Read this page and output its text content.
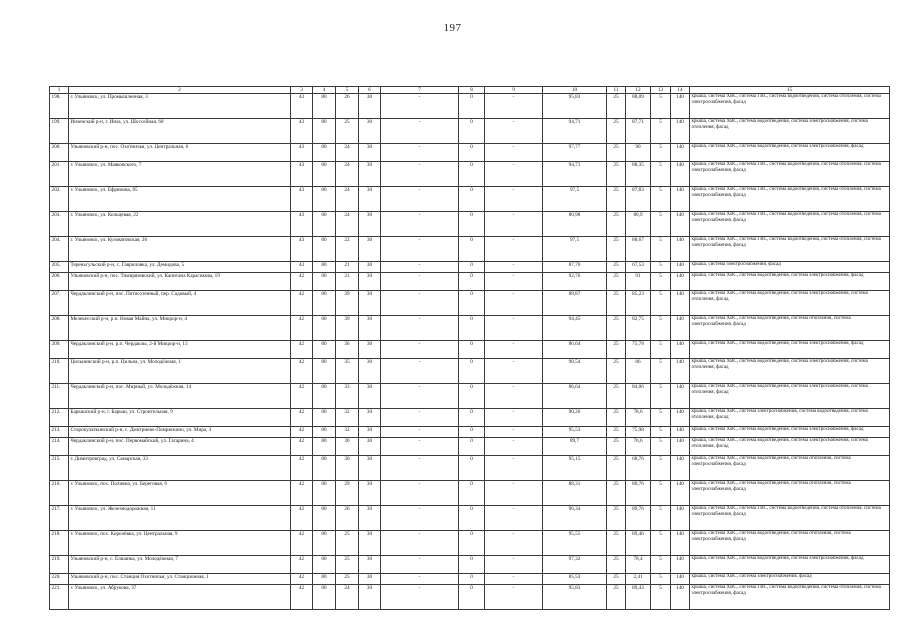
197
1	2	3	4	5	6	7	8	9	10	11	12	13	14	15
198.	г. Ульяновск, ул. Промышленная, 3	43	80	26	30	-	0	-	95,83	25	88,09	5	140	крыша, система ХВС, система ГВС, система водоотведения, система отопления, система электроснабжения, фасад
199.	Инзенский р-н, г. Инза, ул. Шоссейная, 68	43	80	25	30	-	0	-	94,71	25	87,71	5	140	крыша, система ХВС, система водоотведения, система электроснабжения, система отопления, фасад
200.	Ульяновский р-н, пос. Охотничья, ул. Центральная, 6	43	80	24	30	-	0	-	97,77	25	90	5	140	крыша, система ХВС, система водоотведения, система электроснабжения, фасад
201.	г. Ульяновск, ул. Маяковского, 7	43	80	24	30	-	0	-	94,71	25	88,35	5	140	крыша, система ХВС, система ГВС, система водоотведения, система отопления, система электроснабжения, фасад
202.	г. Ульяновск, ул. Ефремова, 85	43	80	24	30	-	0	-	97,5	25	87,83	5	140	крыша, система ХВС, система ГВС, система водоотведения, система отопления, система электроснабжения, фасад
203.	г. Ульяновск, ул. Кольцевая, 22	43	80	24	30	-	0	-	80,98	25	80,9	5	140	крыша, система ХВС, система ГВС, система водоотведения, система отопления, система электроснабжения, фасад
204.	г. Ульяновск, ул. Кузоватовская, 26	43	80	22	30	-	0	-	97,5	25	88,67	5	140	крыша, система ХВС, система ГВС, система водоотведения, система отопления, система электроснабжения, фасад
205.	Тереньгульский р-н, с. Гавриловка, ул. Демидова, 5	43	80	21	30	-	0	-	87,76	25	67,53	5	140	крыша, система электроснабжения, фасад
206.	Ульяновский р-н, пос. Тимирязевский, ул. Капитана Карасикова, 19	42	80	21	30	-	0	-	92,76	25	91	5	140	крыша, система ХВС, система водоотведения, система электроснабжения, фасад
207.	Чердаклинский р-н, пос. Пятисотенный, пер. Садовый, 4	42	80	39	30	-	0	-	88,87	25	85,23	5	140	крыша, система ХВС, система водоотведения, система электроснабжения, система отопления, фасад
208.	Мелекесский р-н, р.п. Новая Майна, ул. Микрор-н, 4	42	80	39	30	-	0	-	94,45	25	82,75	5	140	крыша, система ХВС, система водоотведения, система отопления, система электроснабжения, фасад
209.	Чердаклинский р-н, р.п. Чердаклы, 2-й Микрор-н, 13	42	80	36	30	-	0	-	86,64	25	75,78	5	140	крыша, система ХВС, система водоотведения, система электроснабжения, фасад
210.	Цильнинский р-н, р.п. Цильна, ул. Молодёжная, 1	42	80	35	30	-	0	-	98,54	25	86	5	140	крыша, система ХВС, система водоотведения, система электроснабжения, система отопления, фасад
211.	Чердаклинский р-н, пос. Мирный, ул. Молодёжная, 14	42	80	33	30	-	0	-	86,64	25	84,06	5	140	крыша, система ХВС, система водоотведения, система электроснабжения, система отопления, фасад
212.	Барышский р-н, г. Барыш, ул. Строительная, 9	42	80	32	30	-	0	-	90,26	25	78,6	5	140	крыша, система ХВС, система электроснабжения, система водоотведения, система отопления, фасад
213.	Старокулаткинский р-н, с. Дмитриево-Помряскино, ул. Мира, 3	42	80	32	30	-	0	-	95,53	25	75,98	5	140	крыша, система ХВС, система водоотведения, система электроснабжения, фасад
214.	Чердаклинский р-н, пос. Первомайский, ул. Гагарина, 4	42	80	30	30	-	0	-	89,7	25	76,6	5	140	крыша, система ХВС, система водоотведения, система электроснабжения, система отопления, фасад
215.	г. Димитровград, ул. Самарская, 33	42	80	30	30	-	0	-	95,15	25	68,76	5	140	крыша, система ХВС, система водоотведения, система отопления, система электроснабжения, фасад
216.	г. Ульяновск, пос. Поливна, ул. Береговая, 6	42	80	29	30	-	0	-	88,31	25	80,76	5	140	крыша, система ХВС, система водоотведения, система отопления, система электроснабжения, фасад
217.	г. Ульяновск, ул. Железнодорожная, 11	42	80	26	30	-	0	-	96,34	25	89,76	5	140	крыша, система ХВС, система ГВС, система водоотведения, система отопления, система электроснабжения, фасад
218.	г. Ульяновск, пос. Королёвка, ул. Центральная, 9	42	80	25	30	-	0	-	95,55	25	89,46	5	140	крыша, система ХВС, система водоотведения, система отопления, система электроснабжения, фасад
219.	Ульяновский р-н, с. Елшанка, ул. Молодёжная, 7	42	80	25	30	-	0	-	97,32	25	78,4	5	140	крыша, система ХВС, система водоотведения, система электроснабжения, фасад
220.	Ульяновский р-н, пос. Станция Охотничья, ул. Станционная, 1	42	80	25	30	-	0	-	85,53	25	2,41	5	140	крыша, система ХВС, система электроснабжения, фасад
221.	г. Ульяновск, ул. Абрукова, 37	42	80	24	30	-	0	-	95,83	25	89,43	5	140	крыша, система ХВС, система ГВС, система водоотведения, система отопления, система электроснабжения, фасад
